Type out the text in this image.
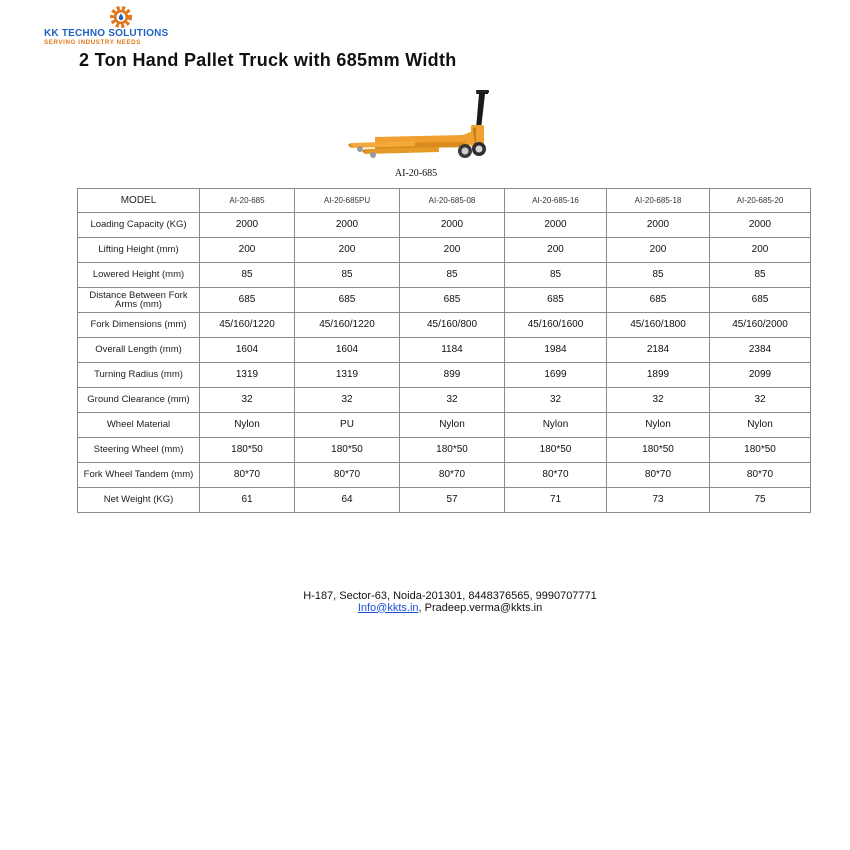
KK TECHNO SOLUTIONS
SERVING INDUSTRY NEEDS
2 Ton Hand Pallet Truck with 685mm Width
AI-20-685
MODEL	AI-20-685	AI-20-685PU	AI-20-685-08	AI-20-685-16	AI-20-685-18	AI-20-685-20
Loading Capacity (KG)	2000	2000	2000	2000	2000	2000
Lifting Height (mm)	200	200	200	200	200	200
Lowered Height (mm)	85	85	85	85	85	85
Distance Between Fork Arms (mm)	685	685	685	685	685	685
Fork Dimensions (mm)	45/160/1220	45/160/1220	45/160/800	45/160/1600	45/160/1800	45/160/2000
Overall Length (mm)	1604	1604	1184	1984	2184	2384
Turning Radius (mm)	1319	1319	899	1699	1899	2099
Ground Clearance (mm)	32	32	32	32	32	32
Wheel Material	Nylon	PU	Nylon	Nylon	Nylon	Nylon
Steering Wheel (mm)	180*50	180*50	180*50	180*50	180*50	180*50
Fork Wheel Tandem (mm)	80*70	80*70	80*70	80*70	80*70	80*70
Net Weight (KG)	61	64	57	71	73	75
H-187, Sector-63, Noida-201301, 8448376565, 9990707771
Info@kkts.in, Pradeep.verma@kkts.in
